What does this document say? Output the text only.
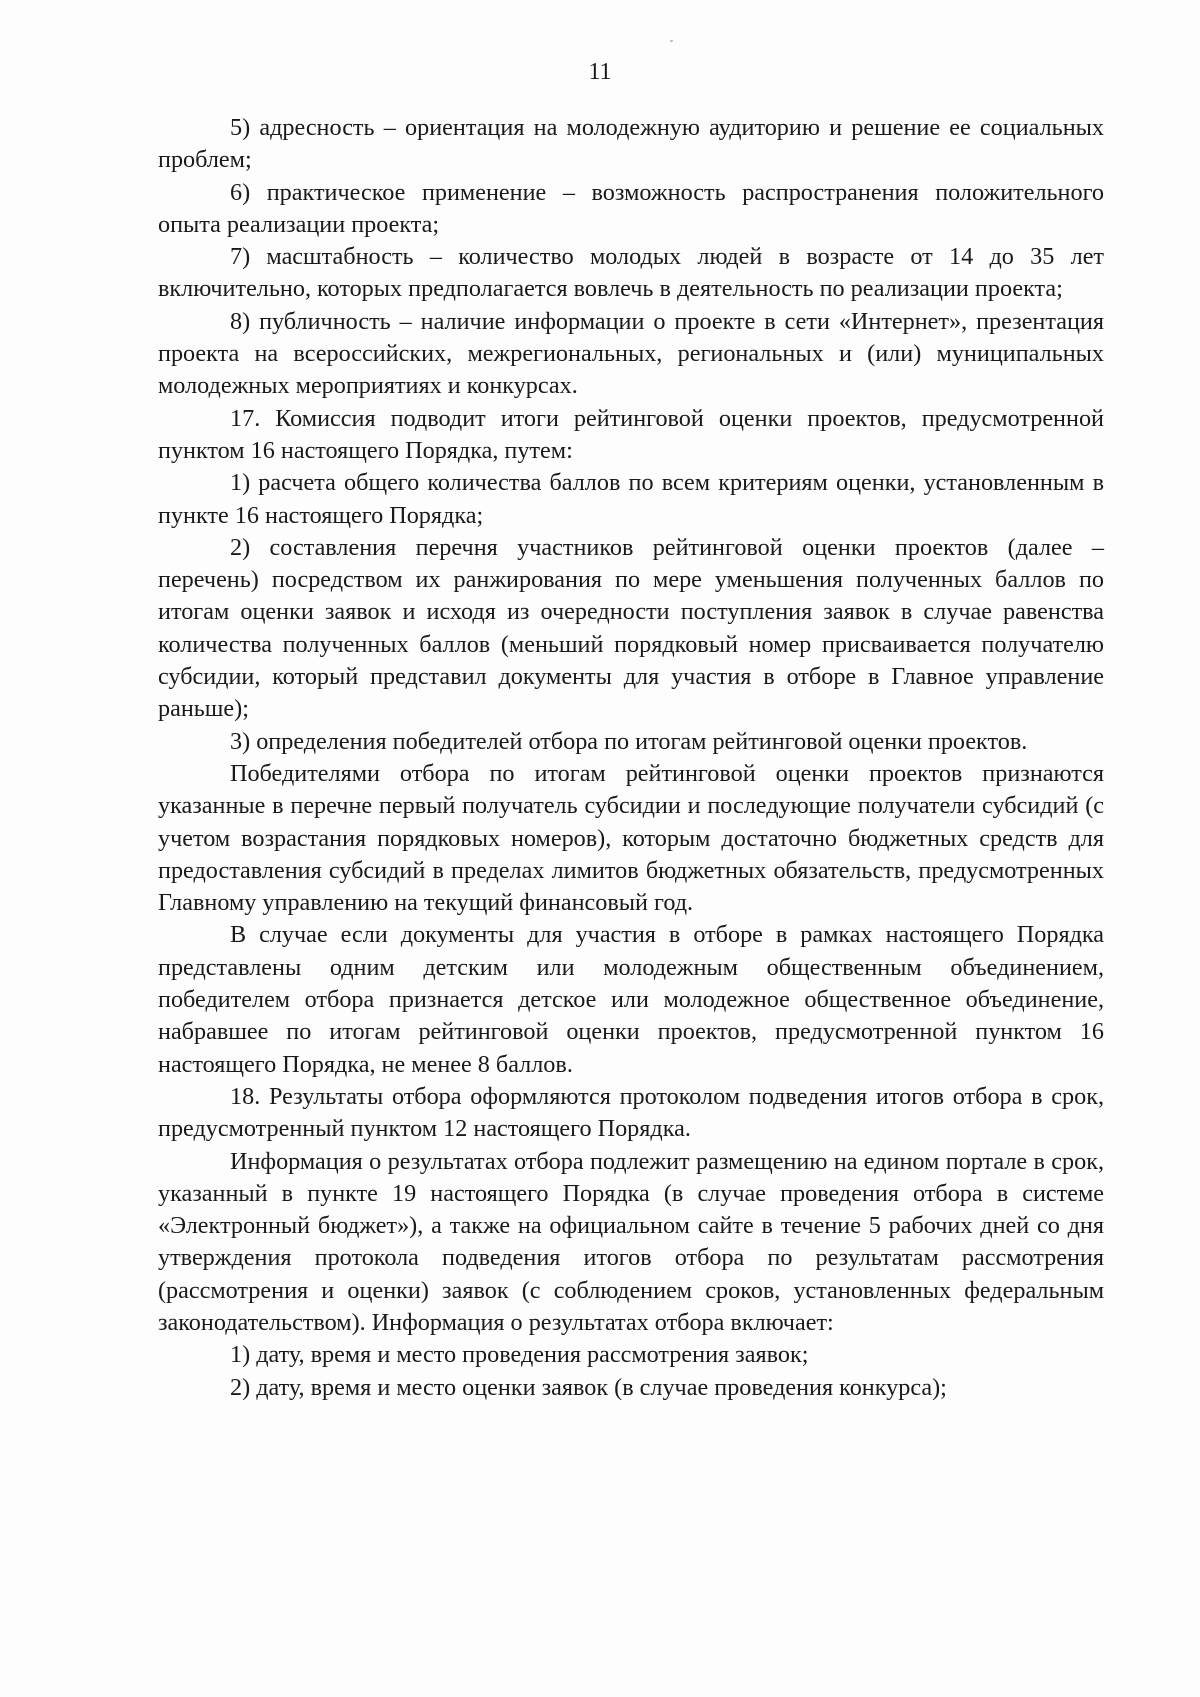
11

5) адресность – ориентация на молодежную аудиторию и решение ее социальных проблем;

6) практическое применение – возможность распространения положительного опыта реализации проекта;

7) масштабность – количество молодых людей в возрасте от 14 до 35 лет включительно, которых предполагается вовлечь в деятельность по реализации проекта;

8) публичность – наличие информации о проекте в сети «Интернет», презентация проекта на всероссийских, межрегиональных, региональных и (или) муниципальных молодежных мероприятиях и конкурсах.

17. Комиссия подводит итоги рейтинговой оценки проектов, предусмотренной пунктом 16 настоящего Порядка, путем:

1) расчета общего количества баллов по всем критериям оценки, установленным в пункте 16 настоящего Порядка;

2) составления перечня участников рейтинговой оценки проектов (далее – перечень) посредством их ранжирования по мере уменьшения полученных баллов по итогам оценки заявок и исходя из очередности поступления заявок в случае равенства количества полученных баллов (меньший порядковый номер присваивается получателю субсидии, который представил документы для участия в отборе в Главное управление раньше);

3) определения победителей отбора по итогам рейтинговой оценки проектов.

Победителями отбора по итогам рейтинговой оценки проектов признаются указанные в перечне первый получатель субсидии и последующие получатели субсидий (с учетом возрастания порядковых номеров), которым достаточно бюджетных средств для предоставления субсидий в пределах лимитов бюджетных обязательств, предусмотренных Главному управлению на текущий финансовый год.

В случае если документы для участия в отборе в рамках настоящего Порядка представлены одним детским или молодежным общественным объединением, победителем отбора признается детское или молодежное общественное объединение, набравшее по итогам рейтинговой оценки проектов, предусмотренной пунктом 16 настоящего Порядка, не менее 8 баллов.

18. Результаты отбора оформляются протоколом подведения итогов отбора в срок, предусмотренный пунктом 12 настоящего Порядка.

Информация о результатах отбора подлежит размещению на едином портале в срок, указанный в пункте 19 настоящего Порядка (в случае проведения отбора в системе «Электронный бюджет»), а также на официальном сайте в течение 5 рабочих дней со дня утверждения протокола подведения итогов отбора по результатам рассмотрения (рассмотрения и оценки) заявок (с соблюдением сроков, установленных федеральным законодательством). Информация о результатах отбора включает:

1) дату, время и место проведения рассмотрения заявок;

2) дату, время и место оценки заявок (в случае проведения конкурса);
